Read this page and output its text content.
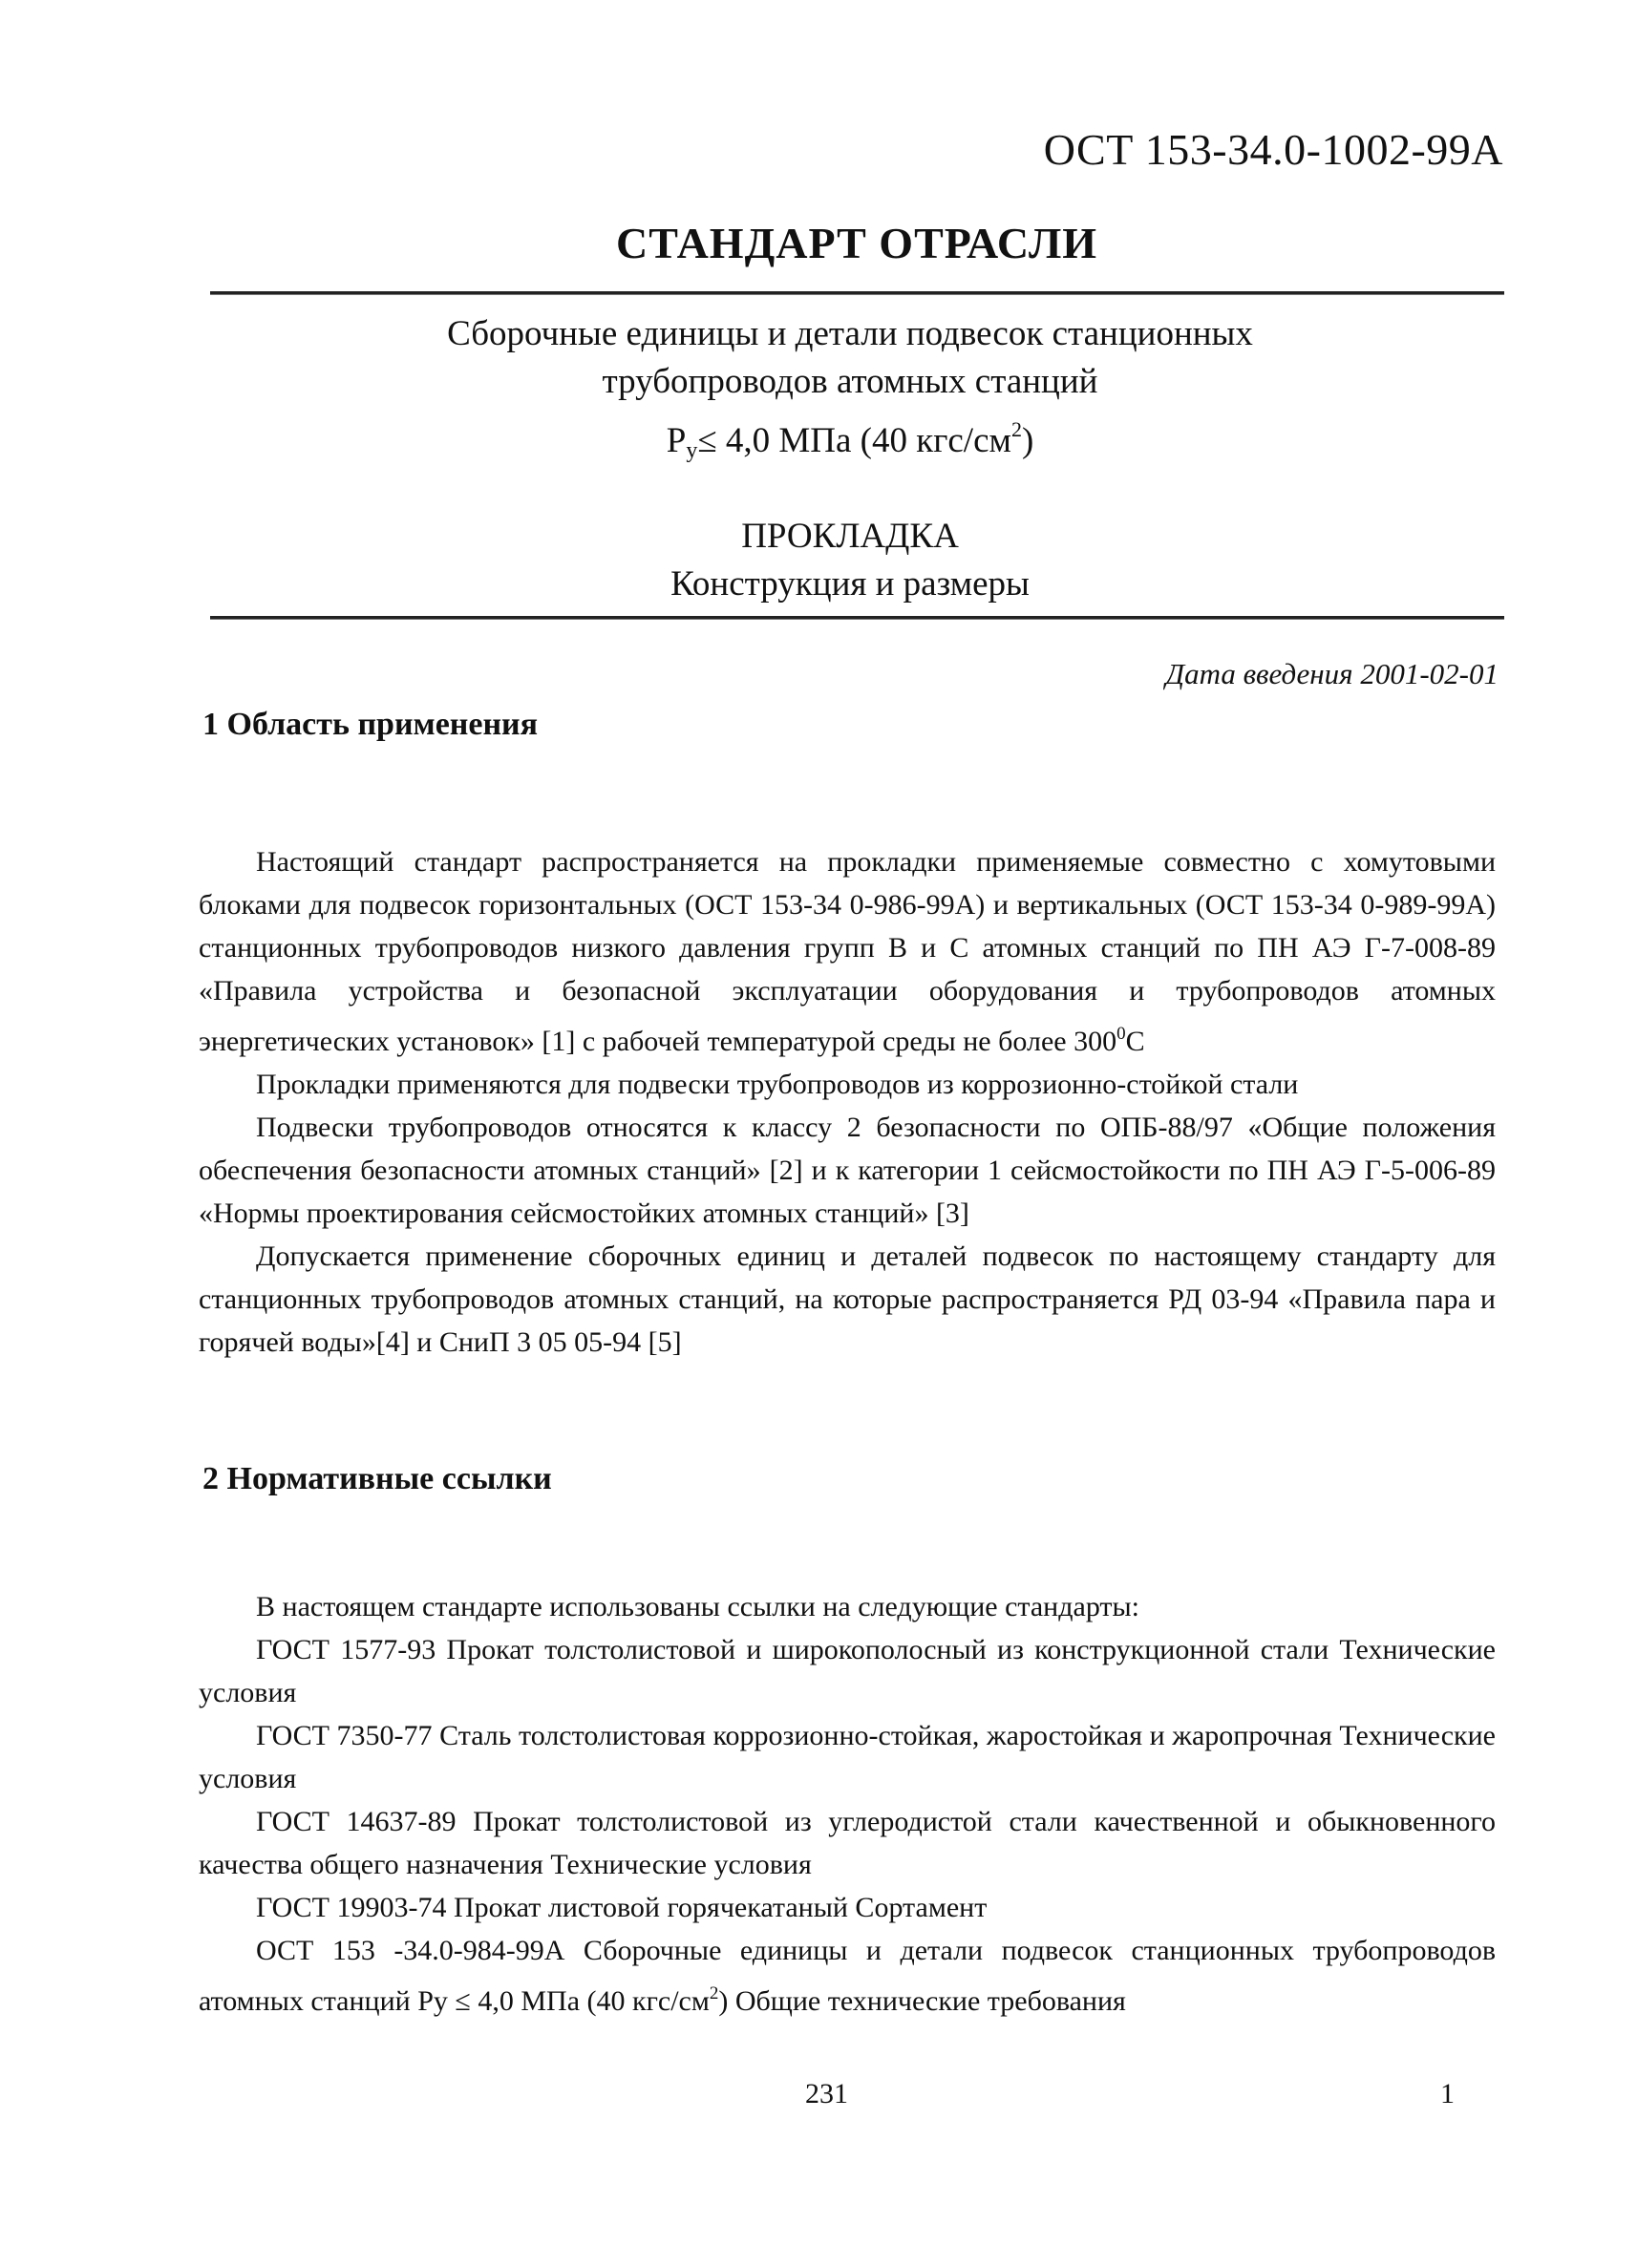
ОСТ 153-34.0-1002-99А
СТАНДАРТ ОТРАСЛИ
Сборочные единицы и детали подвесок станционных
трубопроводов атомных станций
$Р_у\le 4,0$ МПа (40 кгс/$см^2$)
ПРОКЛАДКА
Конструкция и размеры
Дата введения 2001-02-01
1 Область применения

Настоящий стандарт распространяется на прокладки применяемые совместно с хомутовыми блоками для подвесок горизонтальных (ОСТ 153-34 0-986-99А) и вертикальных (ОСТ 153-34 0-989-99А) станционных трубопроводов низкого давления групп В и С атомных станций по ПН АЭ Г-7-008-89 «Правила устройства и безопасной эксплуатации оборудования и трубопроводов атомных энергетических установок» [1] с рабочей температурой среды не более $300^0С$

Прокладки применяются для подвески трубопроводов из коррозионно-стойкой стали

Подвески трубопроводов относятся к классу 2 безопасности по ОПБ-88/97 «Общие положения обеспечения безопасности атомных станций» [2] и к категории 1 сейсмостойкости по ПН АЭ Г-5-006-89 «Нормы проектирования сейсмостойких атомных станций» [3]

Допускается применение сборочных единиц и деталей подвесок по настоящему стандарту для станционных трубопроводов атомных станций, на которые распространяется РД 03-94 «Правила пара и горячей воды»[4] и СниП 3 05 05-94 [5]

2 Нормативные ссылки

В настоящем стандарте использованы ссылки на следующие стандарты:

ГОСТ 1577-93 Прокат толстолистовой и широкополосный из конструкционной стали Технические условия

ГОСТ 7350-77 Сталь толстолистовая коррозионно-стойкая, жаростойкая и жаропрочная Технические условия

ГОСТ 14637-89 Прокат толстолистовой из углеродистой стали качественной и обыкновенного качества общего назначения Технические условия

ГОСТ 19903-74 Прокат листовой горячекатаный Сортамент

ОСТ 153 -34.0-984-99А Сборочные единицы и детали подвесок станционных трубопроводов атомных станций Ру ≤ 4,0 МПа (40 кгс/$см^2$) Общие технические требования

231	1
